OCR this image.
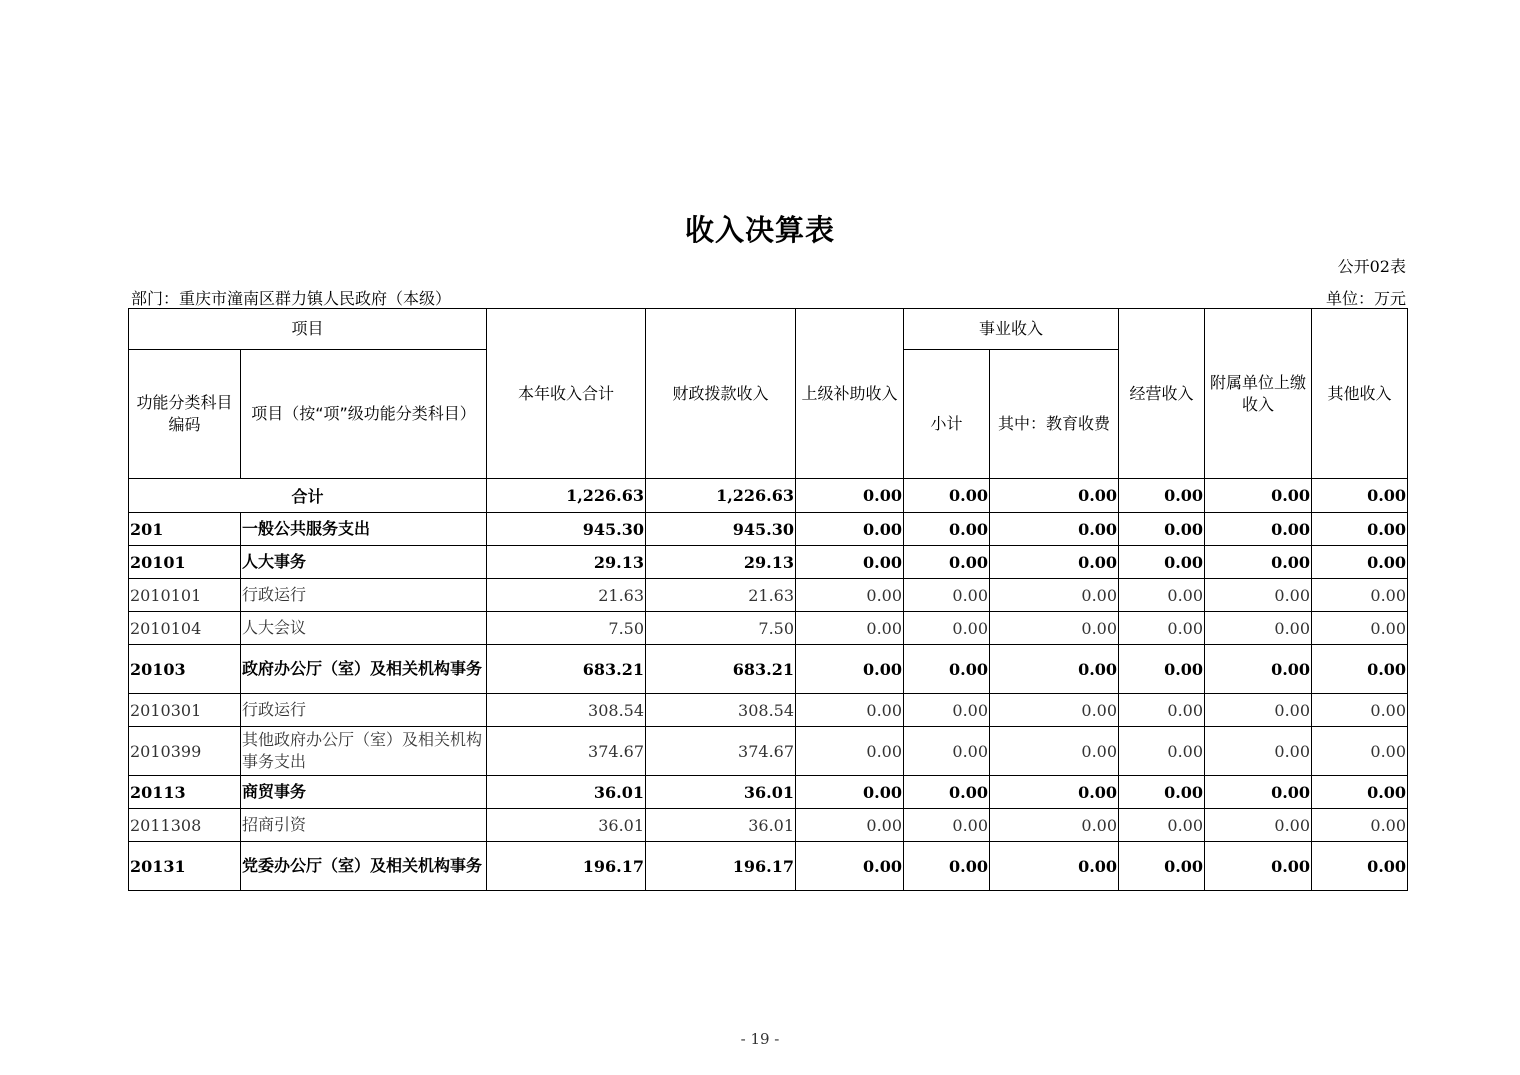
收入决算表
公开02表
部门：重庆市潼南区群力镇人民政府（本级）	单位：万元
项目		本年收入合计	财政拨款收入	上级补助收入	事业收入		经营收入	附属单位上缴收入	其他收入
功能分类科目编码	项目（按“项”级功能分类科目）				小计	其中：教育收费			
合计		1,226.63	1,226.63	0.00	0.00	0.00	0.00	0.00	0.00
201	一般公共服务支出	945.30	945.30	0.00	0.00	0.00	0.00	0.00	0.00
20101	人大事务	29.13	29.13	0.00	0.00	0.00	0.00	0.00	0.00
2010101	行政运行	21.63	21.63	0.00	0.00	0.00	0.00	0.00	0.00
2010104	人大会议	7.50	7.50	0.00	0.00	0.00	0.00	0.00	0.00
20103	政府办公厅（室）及相关机构事务	683.21	683.21	0.00	0.00	0.00	0.00	0.00	0.00
2010301	行政运行	308.54	308.54	0.00	0.00	0.00	0.00	0.00	0.00
2010399	其他政府办公厅（室）及相关机构事务支出	374.67	374.67	0.00	0.00	0.00	0.00	0.00	0.00
20113	商贸事务	36.01	36.01	0.00	0.00	0.00	0.00	0.00	0.00
2011308	招商引资	36.01	36.01	0.00	0.00	0.00	0.00	0.00	0.00
20131	党委办公厅（室）及相关机构事务	196.17	196.17	0.00	0.00	0.00	0.00	0.00	0.00
- 19 -
